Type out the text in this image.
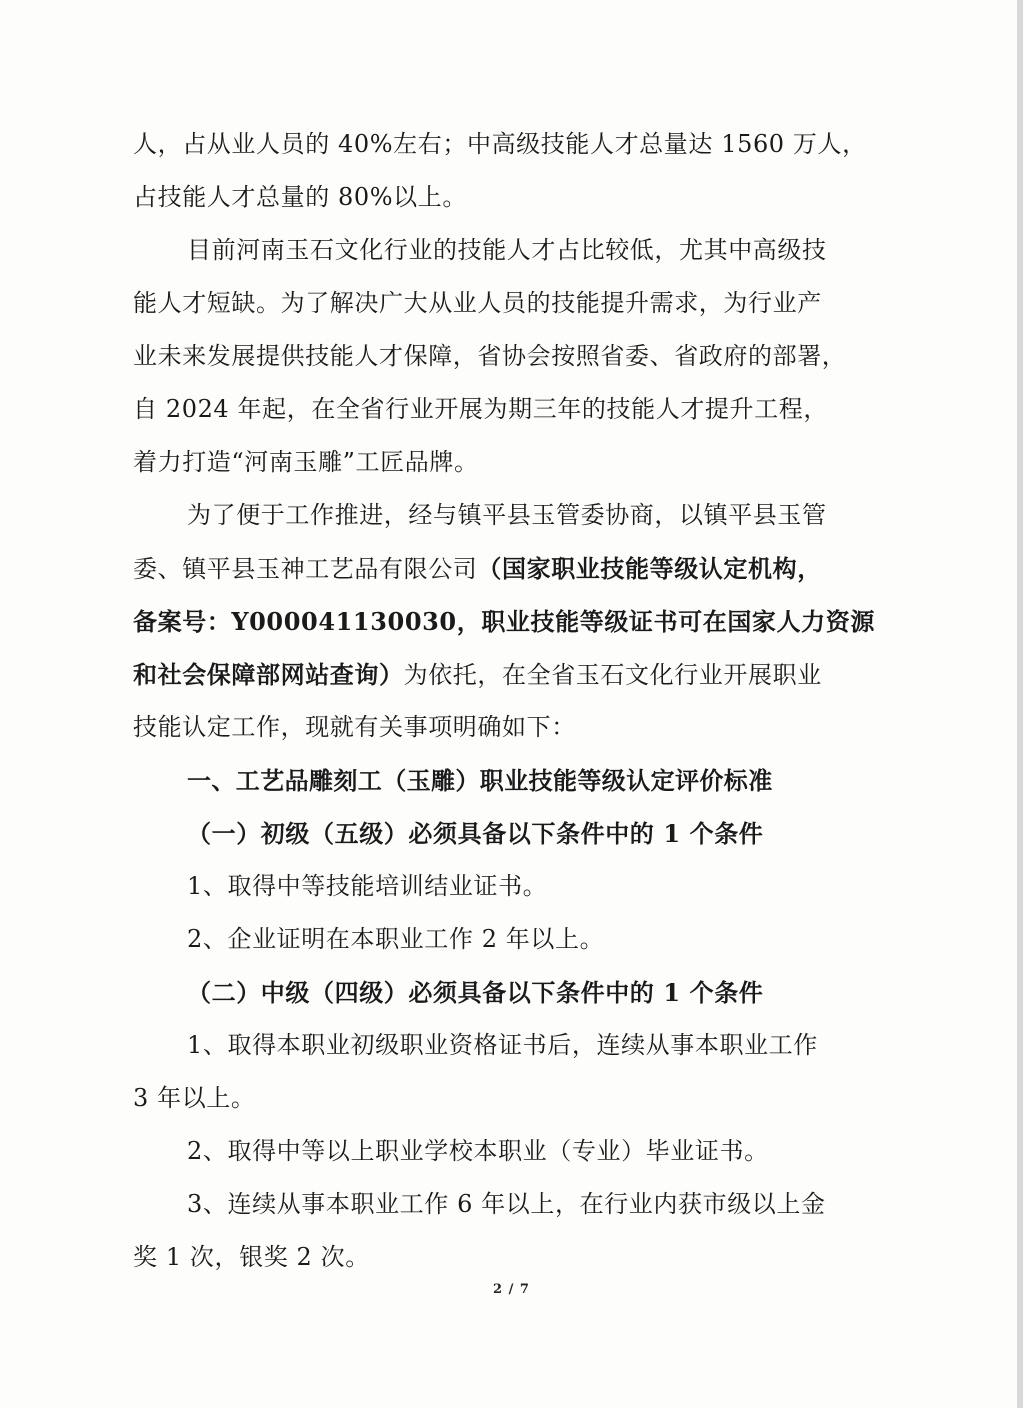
人，占从业人员的 40%左右；中高级技能人才总量达 1560 万人，
占技能人才总量的 80%以上。
目前河南玉石文化行业的技能人才占比较低，尤其中高级技
能人才短缺。为了解决广大从业人员的技能提升需求，为行业产
业未来发展提供技能人才保障，省协会按照省委、省政府的部署，
自 2024 年起，在全省行业开展为期三年的技能人才提升工程，
着力打造“河南玉雕”工匠品牌。
为了便于工作推进，经与镇平县玉管委协商，以镇平县玉管
委、镇平县玉神工艺品有限公司（国家职业技能等级认定机构，
备案号：Y000041130030，职业技能等级证书可在国家人力资源
和社会保障部网站查询）为依托，在全省玉石文化行业开展职业
技能认定工作，现就有关事项明确如下：
一、工艺品雕刻工（玉雕）职业技能等级认定评价标准
（一）初级（五级）必须具备以下条件中的 1 个条件
1、取得中等技能培训结业证书。
2、企业证明在本职业工作 2 年以上。
（二）中级（四级）必须具备以下条件中的 1 个条件
1、取得本职业初级职业资格证书后，连续从事本职业工作
3 年以上。
2、取得中等以上职业学校本职业（专业）毕业证书。
3、连续从事本职业工作 6 年以上，在行业内获市级以上金
奖 1 次，银奖 2 次。
2 / 7
